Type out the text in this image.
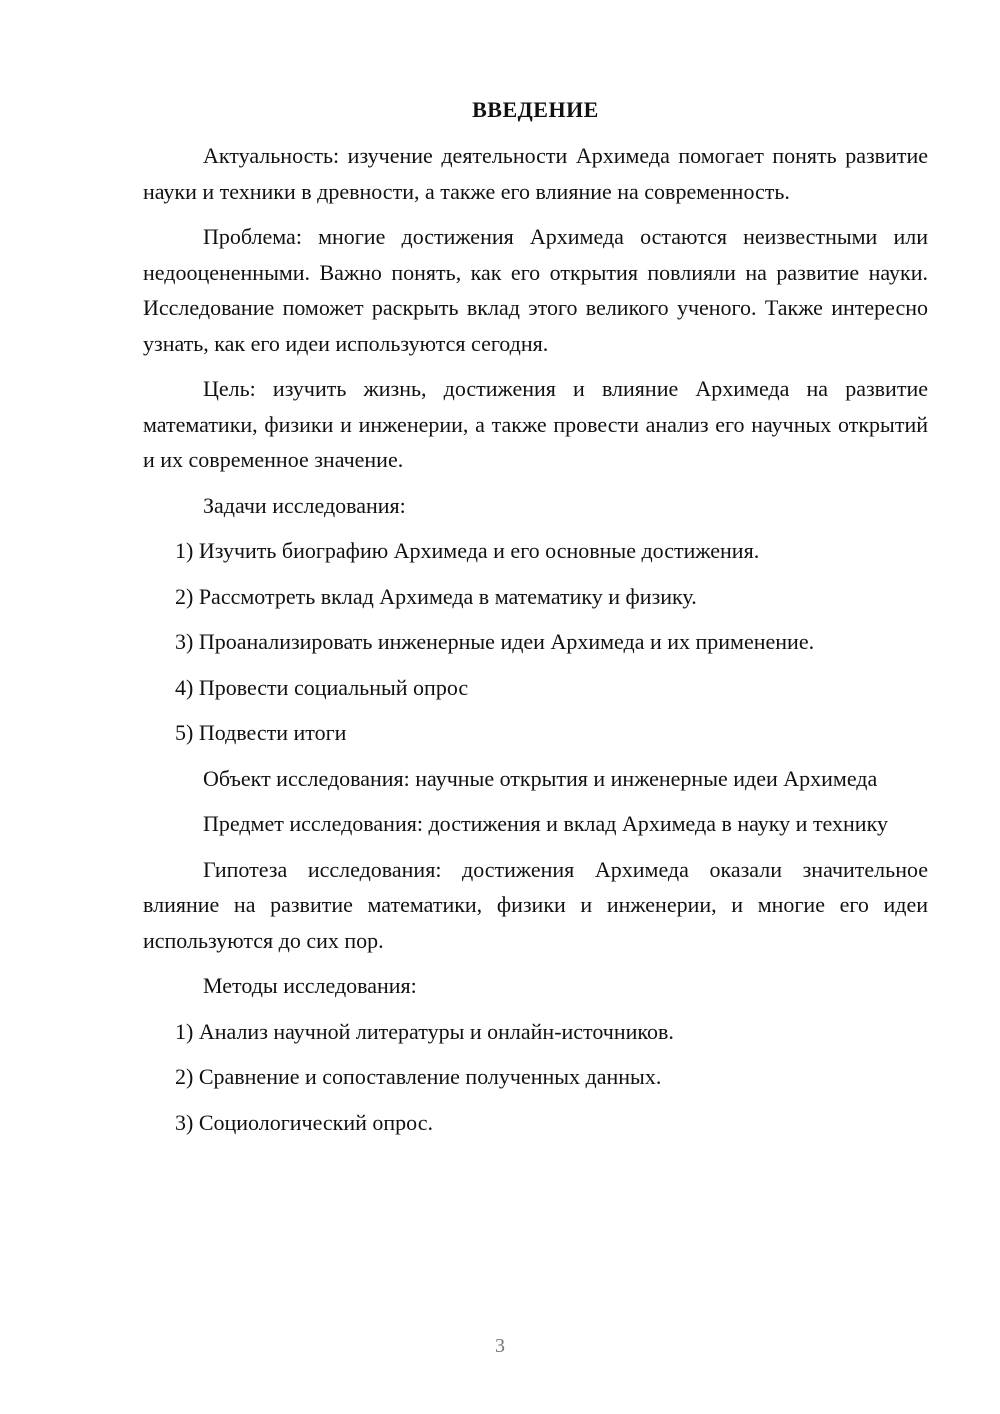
ВВЕДЕНИЕ

Актуальность: изучение деятельности Архимеда помогает понять развитие науки и техники в древности, а также его влияние на современность.

Проблема: многие достижения Архимеда остаются неизвестными или недооцененными. Важно понять, как его открытия повлияли на развитие науки. Исследование поможет раскрыть вклад этого великого ученого. Также интересно узнать, как его идеи используются сегодня.

Цель: изучить жизнь, достижения и влияние Архимеда на развитие математики, физики и инженерии, а также провести анализ его научных открытий и их современное значение.

Задачи исследования:

1) Изучить биографию Архимеда и его основные достижения.

2) Рассмотреть вклад Архимеда в математику и физику.

3) Проанализировать инженерные идеи Архимеда и их применение.

4) Провести социальный опрос

5) Подвести итоги

Объект исследования: научные открытия и инженерные идеи Архимеда

Предмет исследования: достижения и вклад Архимеда в науку и технику

Гипотеза исследования: достижения Архимеда оказали значительное влияние на развитие математики, физики и инженерии, и многие его идеи используются до сих пор.

Методы исследования:

1) Анализ научной литературы и онлайн-источников.

2) Сравнение и сопоставление полученных данных.

3) Социологический опрос.

3
